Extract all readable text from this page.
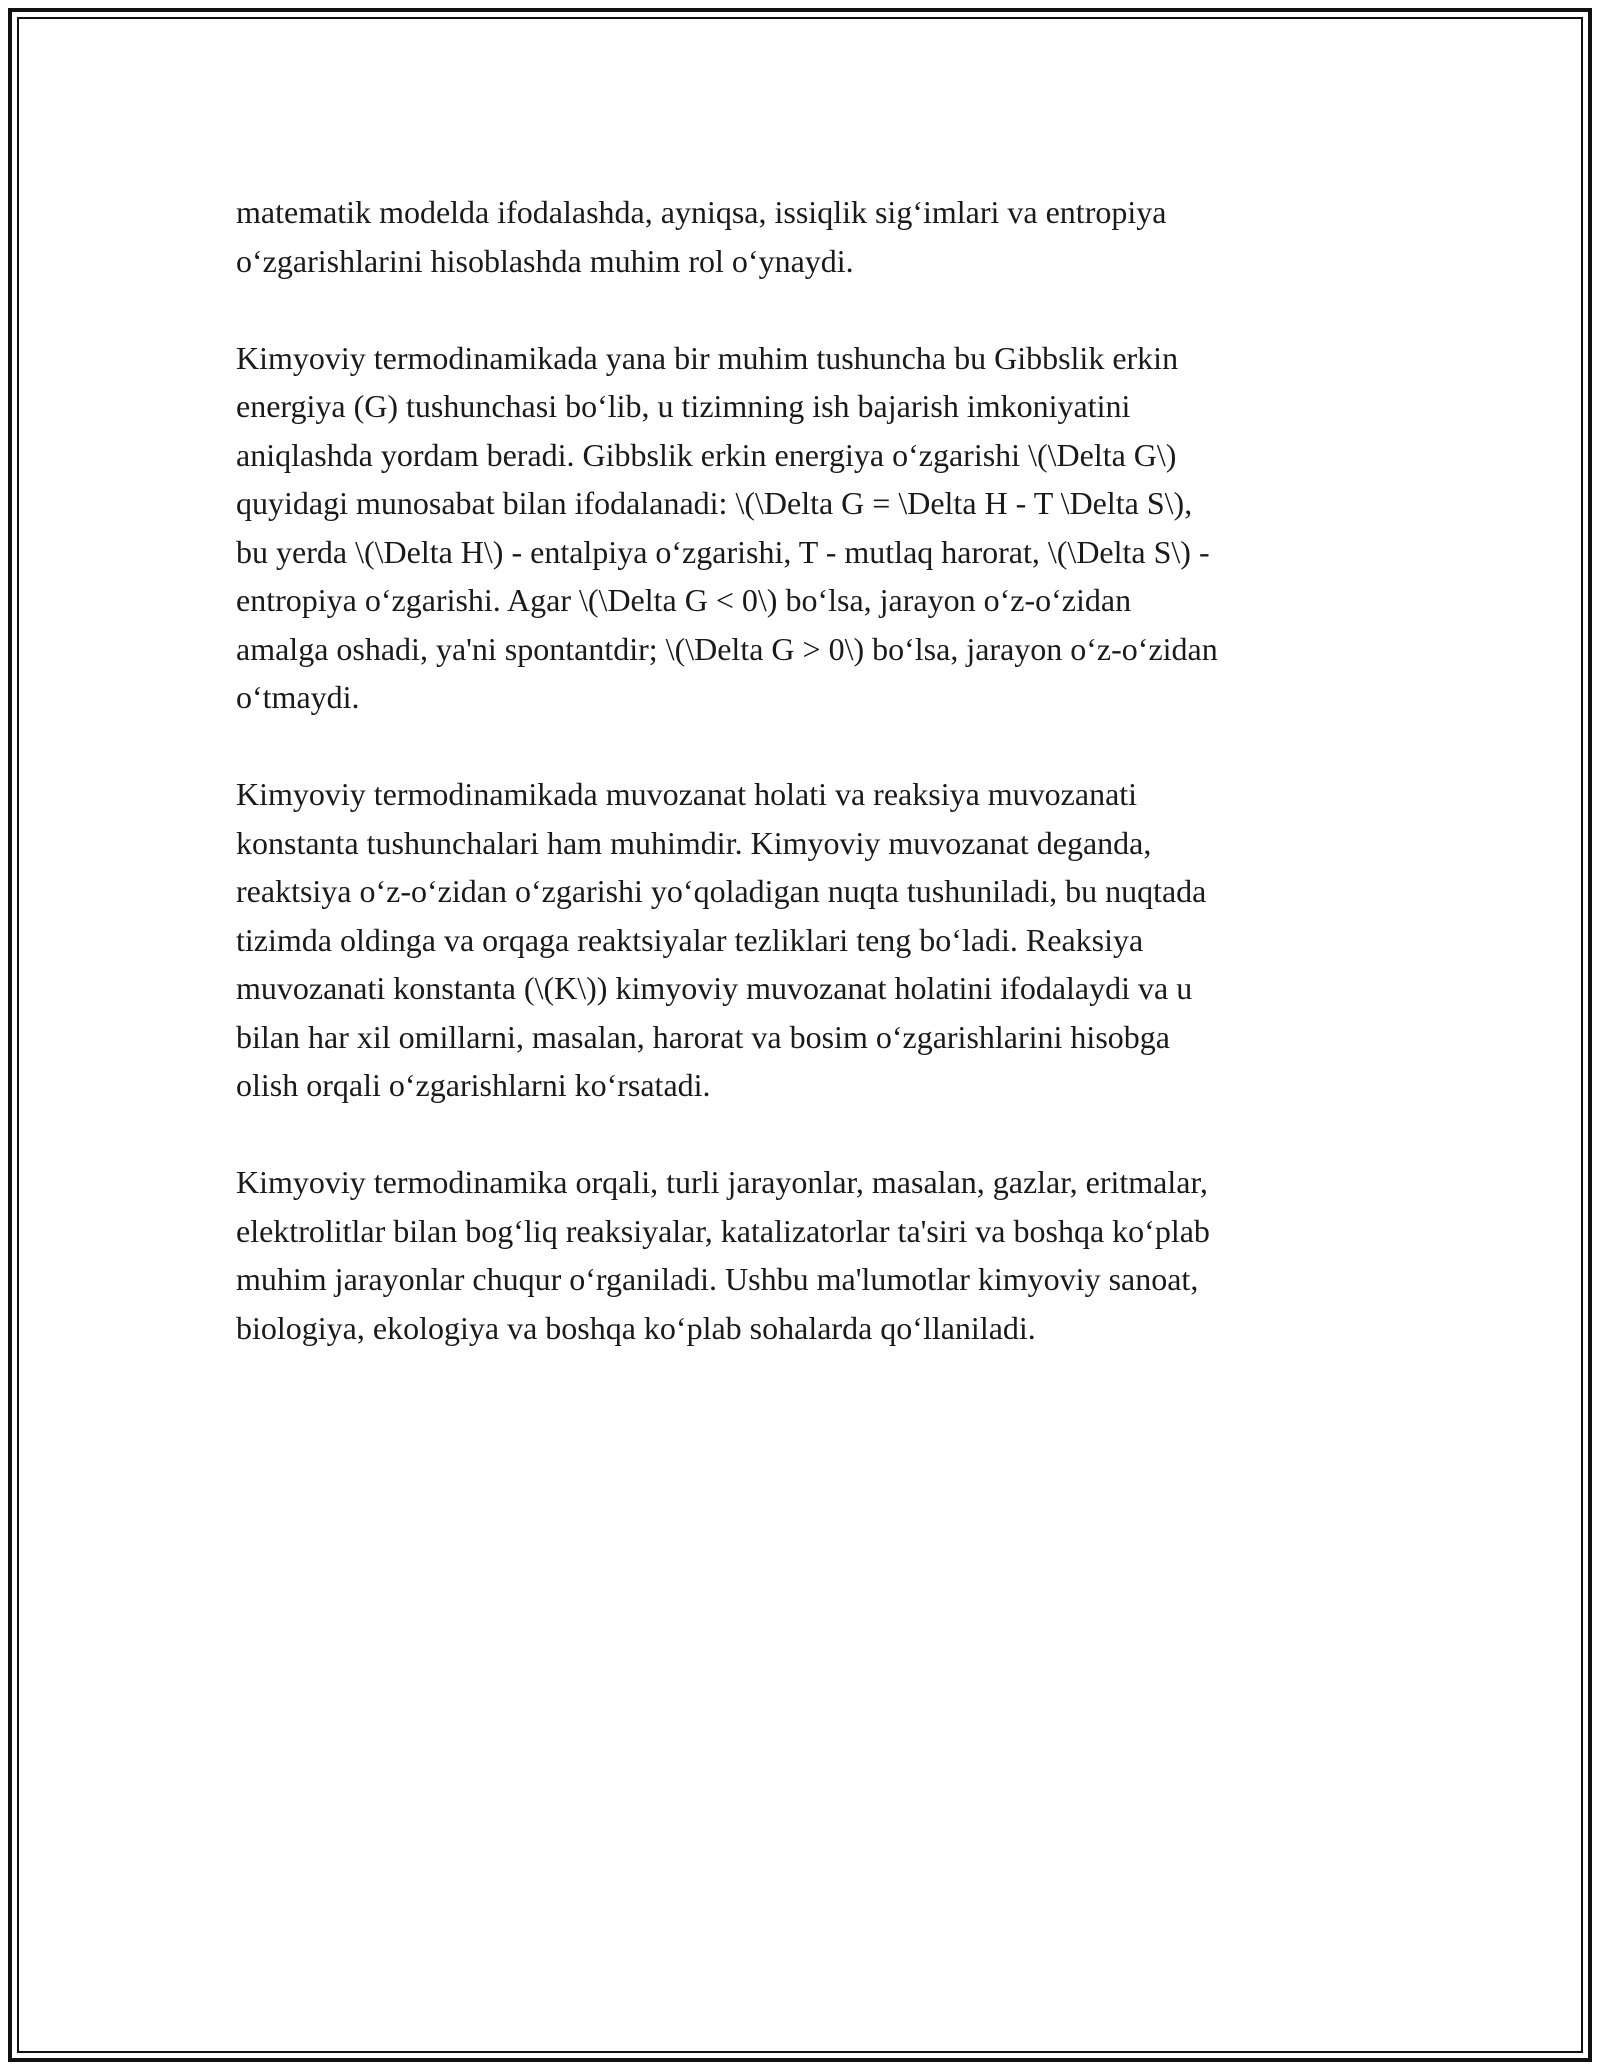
matematik modelda ifodalashda, ayniqsa, issiqlik sig‘imlari va entropiya
o‘zgarishlarini hisoblashda muhim rol o‘ynaydi.

Kimyoviy termodinamikada yana bir muhim tushuncha bu Gibbslik erkin
energiya (G) tushunchasi bo‘lib, u tizimning ish bajarish imkoniyatini
aniqlashda yordam beradi. Gibbslik erkin energiya o‘zgarishi \(\Delta G\)
quyidagi munosabat bilan ifodalanadi: \(\Delta G = \Delta H - T \Delta S\),
bu yerda \(\Delta H\) - entalpiya o‘zgarishi, T - mutlaq harorat, \(\Delta S\) -
entropiya o‘zgarishi. Agar \(\Delta G < 0\) bo‘lsa, jarayon o‘z-o‘zidan
amalga oshadi, ya'ni spontantdir; \(\Delta G > 0\) bo‘lsa, jarayon o‘z-o‘zidan
o‘tmaydi.

Kimyoviy termodinamikada muvozanat holati va reaksiya muvozanati
konstanta tushunchalari ham muhimdir. Kimyoviy muvozanat deganda,
reaktsiya o‘z-o‘zidan o‘zgarishi yo‘qoladigan nuqta tushuniladi, bu nuqtada
tizimda oldinga va orqaga reaktsiyalar tezliklari teng bo‘ladi. Reaksiya
muvozanati konstanta (\(K\)) kimyoviy muvozanat holatini ifodalaydi va u
bilan har xil omillarni, masalan, harorat va bosim o‘zgarishlarini hisobga
olish orqali o‘zgarishlarni ko‘rsatadi.

Kimyoviy termodinamika orqali, turli jarayonlar, masalan, gazlar, eritmalar,
elektrolitlar bilan bog‘liq reaksiyalar, katalizatorlar ta'siri va boshqa ko‘plab
muhim jarayonlar chuqur o‘rganiladi. Ushbu ma'lumotlar kimyoviy sanoat,
biologiya, ekologiya va boshqa ko‘plab sohalarda qo‘llaniladi.
